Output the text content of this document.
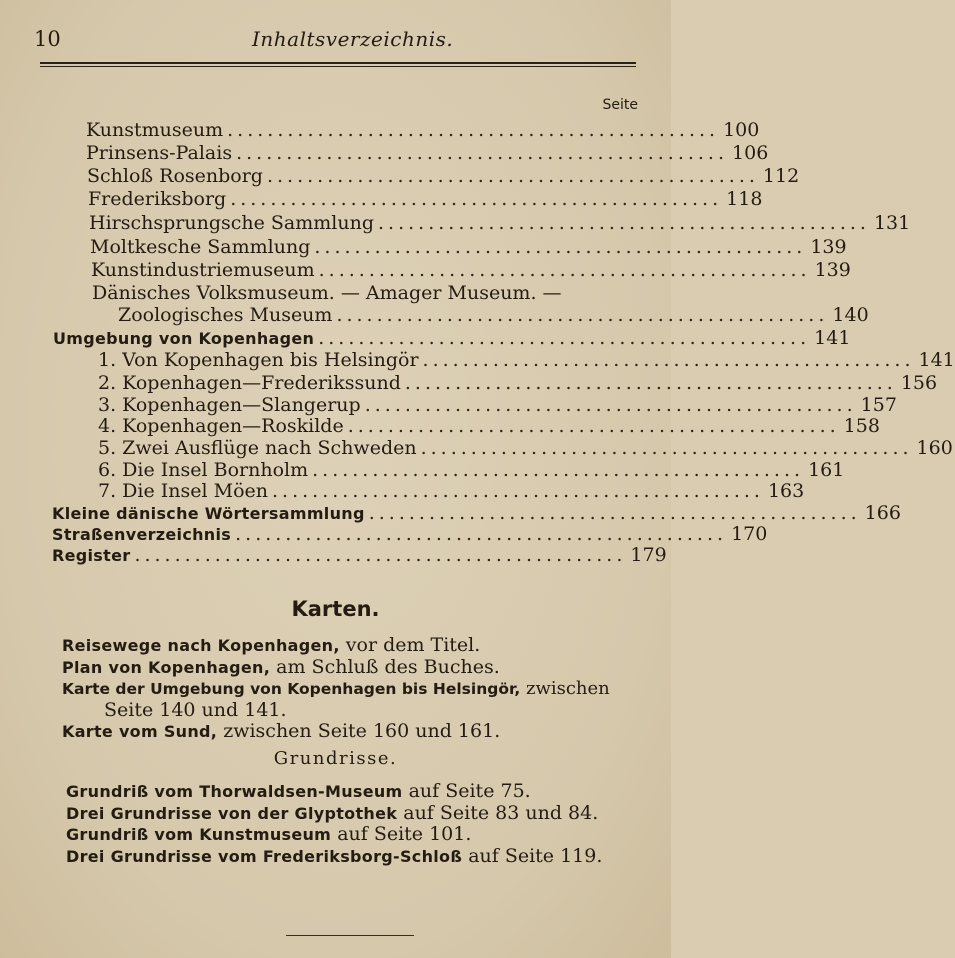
10	Inhaltsverzeichnis.
Seite
Kunstmuseum ................................................. 100
Prinsens-Palais ................................................. 106
Schloß Rosenborg ................................................. 112
Frederiksborg ................................................. 118
Hirschsprungsche Sammlung ................................................. 131
Moltkesche Sammlung ................................................. 139
Kunstindustriemuseum ................................................. 139
Dänisches Volksmuseum. — Amager Museum. —
Zoologisches Museum ................................................. 140
Umgebung von Kopenhagen ................................................. 141
1. Von Kopenhagen bis Helsingör ................................................. 141
2. Kopenhagen—Frederikssund ................................................. 156
3. Kopenhagen—Slangerup ................................................. 157
4. Kopenhagen—Roskilde ................................................. 158
5. Zwei Ausflüge nach Schweden ................................................. 160
6. Die Insel Bornholm ................................................. 161
7. Die Insel Möen ................................................. 163
Kleine dänische Wörtersammlung ................................................. 166
Straßenverzeichnis ................................................. 170
Register ................................................. 179
Karten.
Reisewege nach Kopenhagen, vor dem Titel.
Plan von Kopenhagen, am Schluß des Buches.
Karte der Umgebung von Kopenhagen bis Helsingör, zwischen
Seite 140 und 141.
Karte vom Sund, zwischen Seite 160 und 161.
Grundrisse.
Grundriß vom Thorwaldsen-Museum auf Seite 75.
Drei Grundrisse von der Glyptothek auf Seite 83 und 84.
Grundriß vom Kunstmuseum auf Seite 101.
Drei Grundrisse vom Frederiksborg-Schloß auf Seite 119.
